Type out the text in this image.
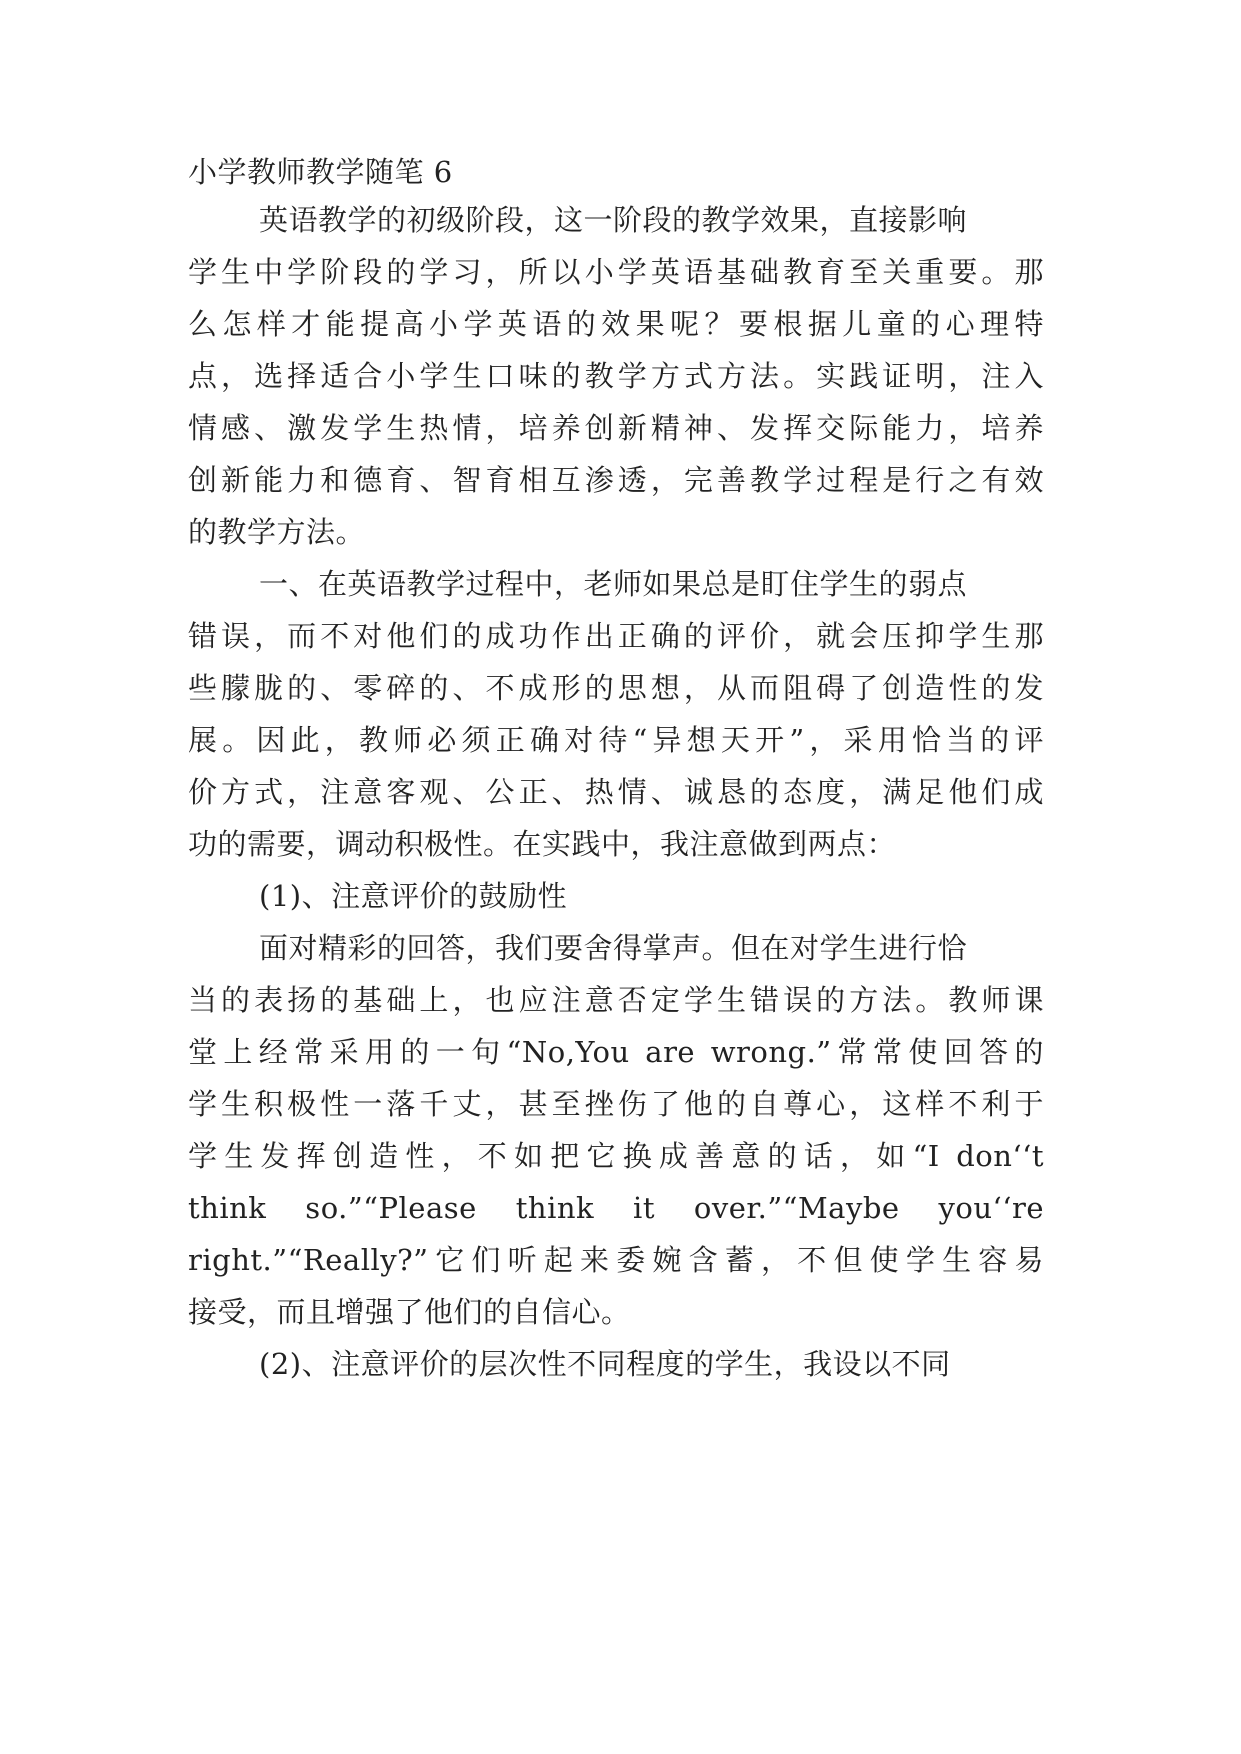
小学教师教学随笔 6
英语教学的初级阶段，这一阶段的教学效果，直接影响
学生中学阶段的学习，所以小学英语基础教育至关重要。那
么怎样才能提高小学英语的效果呢？要根据儿童的心理特
点，选择适合小学生口味的教学方式方法。实践证明，注入
情感、激发学生热情，培养创新精神、发挥交际能力，培养
创新能力和德育、智育相互渗透，完善教学过程是行之有效
的教学方法。
一、在英语教学过程中，老师如果总是盯住学生的弱点
错误，而不对他们的成功作出正确的评价，就会压抑学生那
些朦胧的、零碎的、不成形的思想，从而阻碍了创造性的发
展。因此，教师必须正确对待“异想天开”，采用恰当的评
价方式，注意客观、公正、热情、诚恳的态度，满足他们成
功的需要，调动积极性。在实践中，我注意做到两点：
(1)、注意评价的鼓励性
面对精彩的回答，我们要舍得掌声。但在对学生进行恰
当的表扬的基础上，也应注意否定学生错误的方法。教师课
堂上经常采用的一句“No,You are wrong.”常常使回答的
学生积极性一落千丈，甚至挫伤了他的自尊心，这样不利于
学生发挥创造性，不如把它换成善意的话，如“I don‘‘t
think so.”“Please think it over.”“Maybe you‘‘re
right.”“Really?”它们听起来委婉含蓄，不但使学生容易
接受，而且增强了他们的自信心。
(2)、注意评价的层次性不同程度的学生，我设以不同
